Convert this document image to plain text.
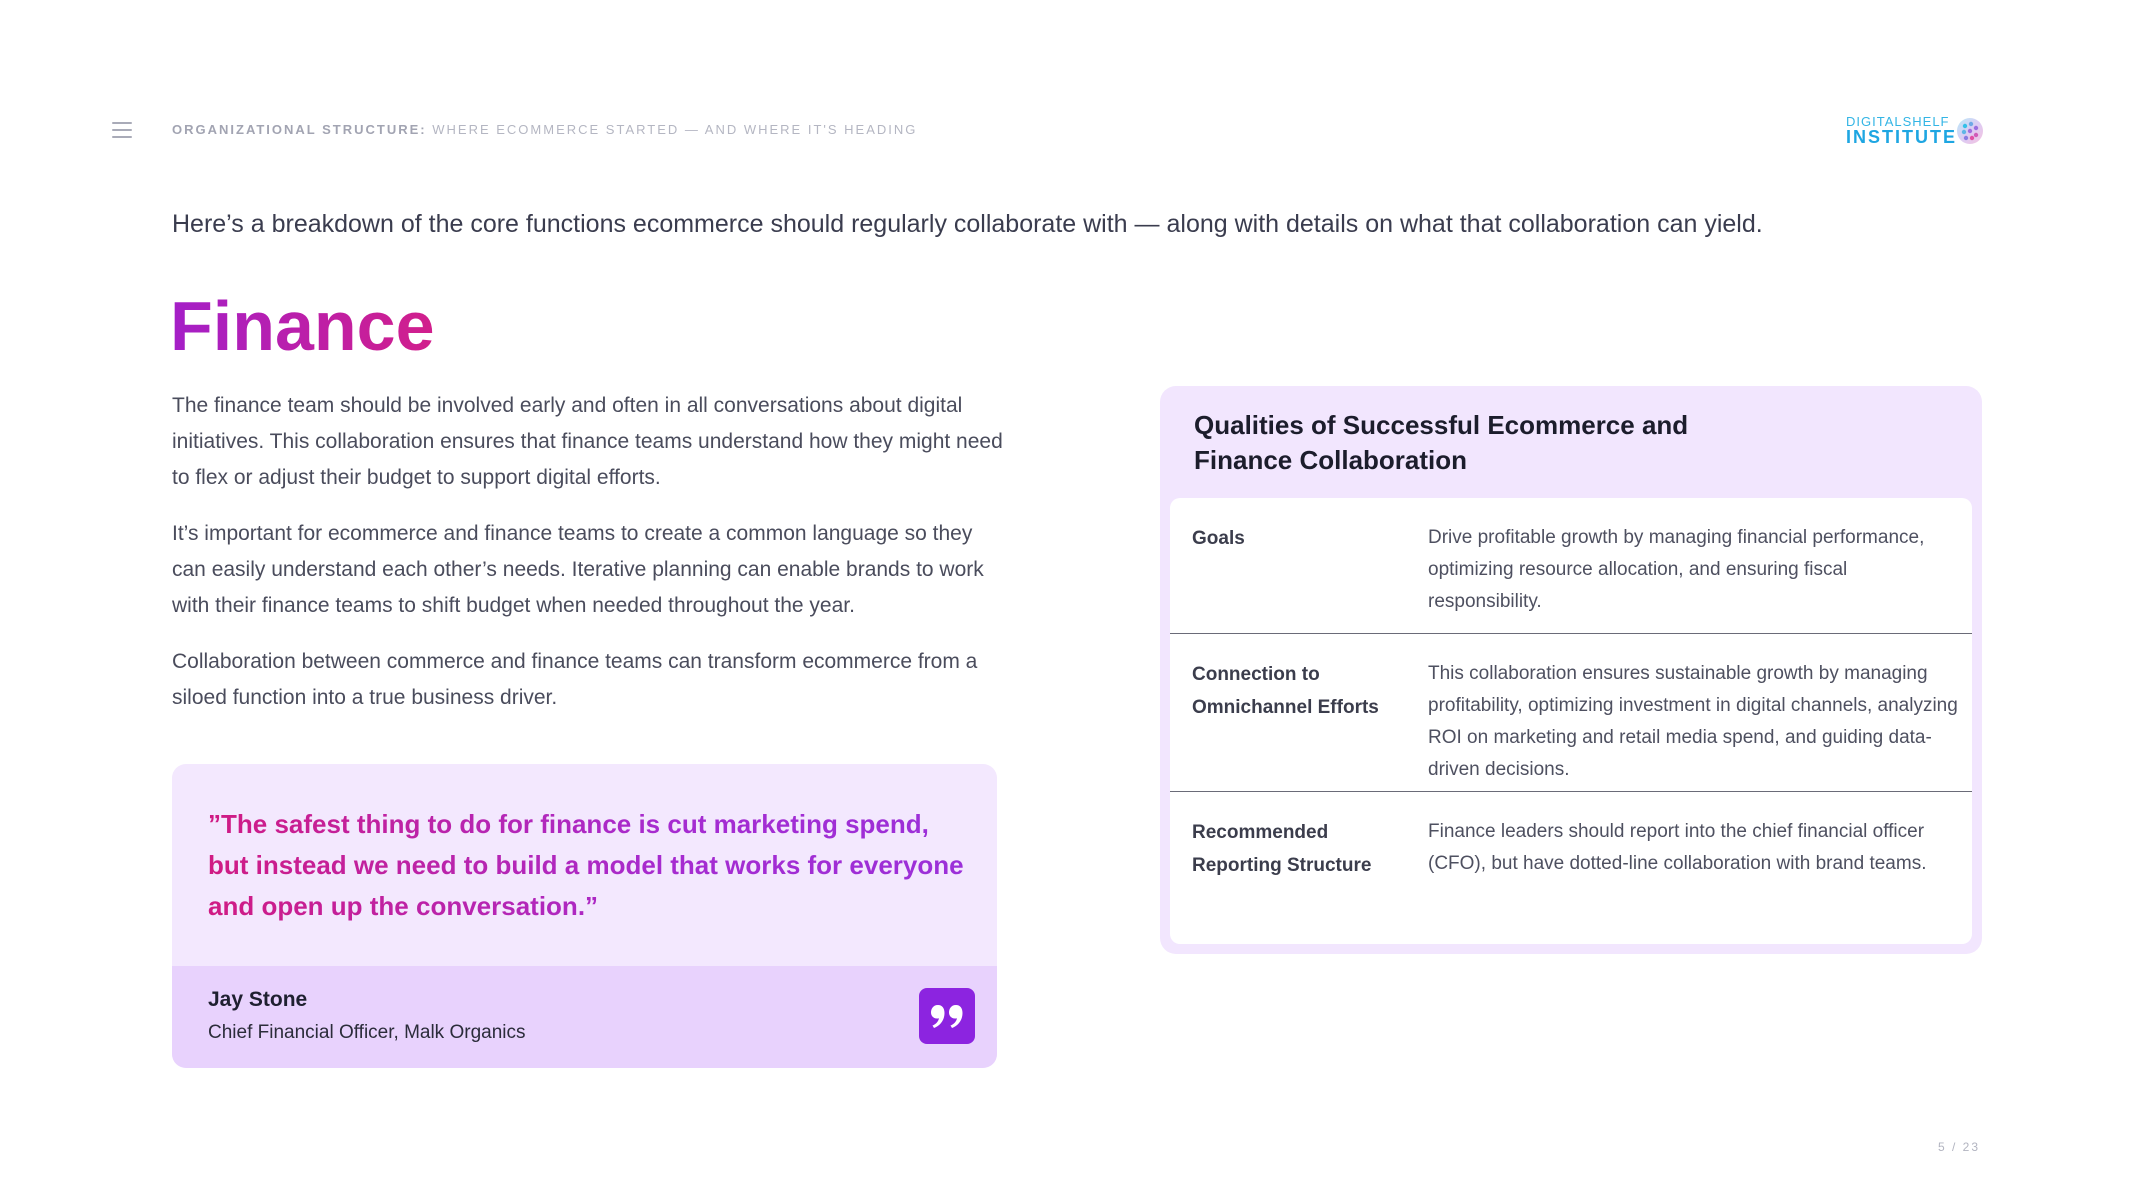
ORGANIZATIONAL STRUCTURE: WHERE ECOMMERCE STARTED — AND WHERE IT'S HEADING
DIGITALSHELF
INSTITUTE
Here’s a breakdown of the core functions ecommerce should regularly collaborate with — along with details on what that collaboration can yield.
Finance

The finance team should be involved early and often in all conversations about digital initiatives. This collaboration ensures that finance teams understand how they might need to flex or adjust their budget to support digital efforts.

It’s important for ecommerce and finance teams to create a common language so they can easily understand each other’s needs. Iterative planning can enable brands to work with their finance teams to shift budget when needed throughout the year.

Collaboration between commerce and finance teams can transform ecommerce from a siloed function into a true business driver.

”The safest thing to do for finance is cut marketing spend, but instead we need to build a model that works for everyone and open up the conversation.”
Jay Stone
Chief Financial Officer, Malk Organics
Qualities of Successful Ecommerce and Finance Collaboration
Goals	Drive profitable growth by managing financial performance, optimizing resource allocation, and ensuring fiscal responsibility.
Connection to Omnichannel Efforts
This collaboration ensures sustainable growth by managing profitability, optimizing investment in digital channels, analyzing ROI on marketing and retail media spend, and guiding data-driven decisions.
Recommended Reporting Structure
Finance leaders should report into the chief financial officer (CFO), but have dotted-line collaboration with brand teams.
5 / 23
